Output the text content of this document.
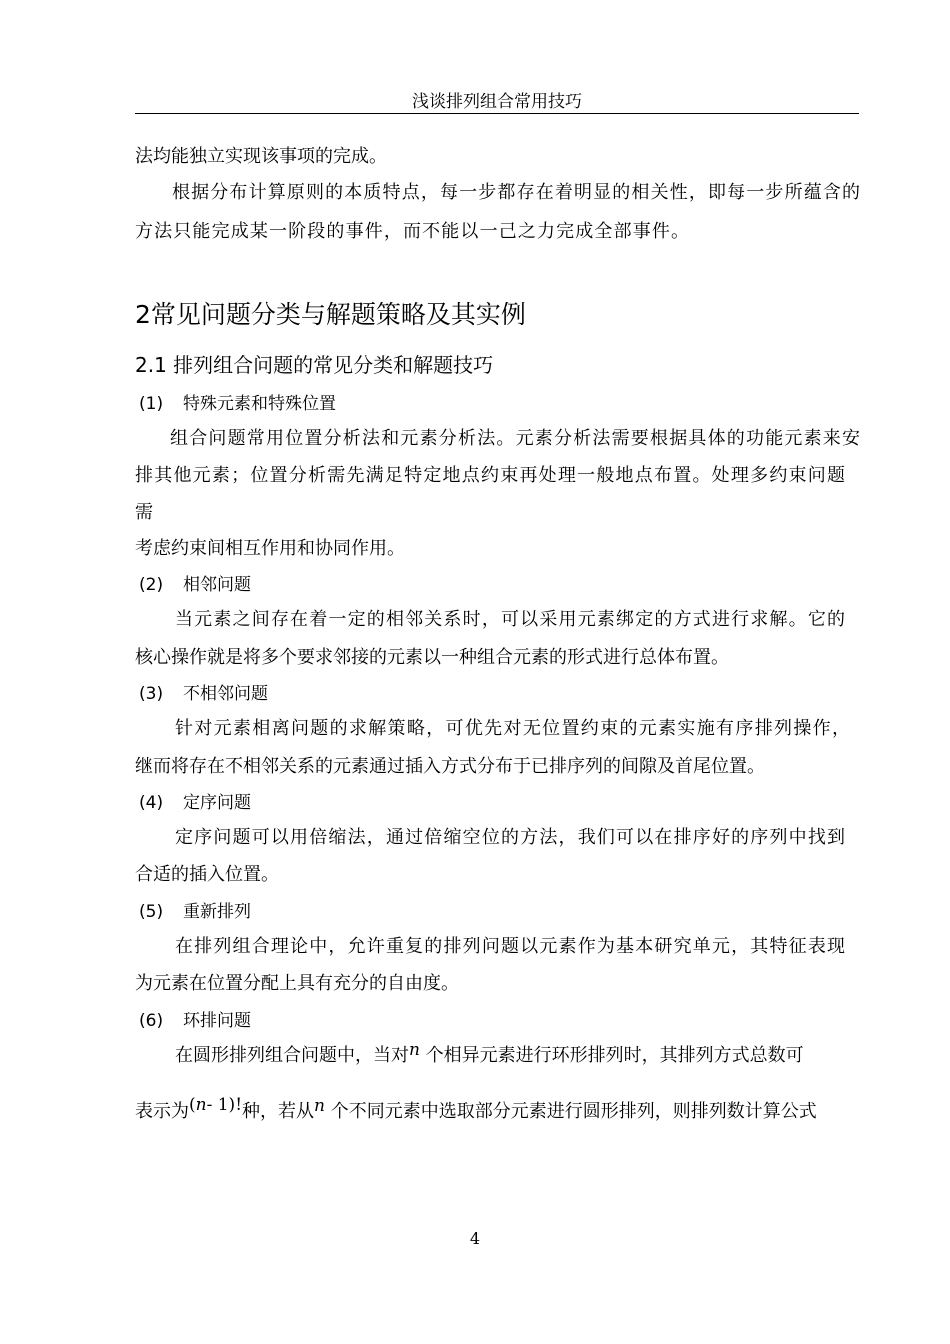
浅谈排列组合常用技巧
法均能独立实现该事项的完成。
根据分布计算原则的本质特点，每一步都存在着明显的相关性，即每一步所蕴含的
方法只能完成某一阶段的事件，而不能以一己之力完成全部事件。
2常见问题分类与解题策略及其实例
2.1 排列组合问题的常见分类和解题技巧
(1) 特殊元素和特殊位置
组合问题常用位置分析法和元素分析法。元素分析法需要根据具体的功能元素来安
排其他元素；位置分析需先满足特定地点约束再处理一般地点布置。处理多约束问题
需
考虑约束间相互作用和协同作用。
(2) 相邻问题
当元素之间存在着一定的相邻关系时，可以采用元素绑定的方式进行求解。它的
核心操作就是将多个要求邻接的元素以一种组合元素的形式进行总体布置。
(3) 不相邻问题
针对元素相离问题的求解策略，可优先对无位置约束的元素实施有序排列操作，
继而将存在不相邻关系的元素通过插入方式分布于已排序列的间隙及首尾位置。
(4) 定序问题
定序问题可以用倍缩法，通过倍缩空位的方法，我们可以在排序好的序列中找到
合适的插入位置。
(5) 重新排列
在排列组合理论中，允许重复的排列问题以元素作为基本研究单元，其特征表现
为元素在位置分配上具有充分的自由度。
(6) 环排问题
在圆形排列组合问题中，当对n 个相异元素进行环形排列时，其排列方式总数可
表示为(n- 1)!种，若从n 个不同元素中选取部分元素进行圆形排列，则排列数计算公式
4
